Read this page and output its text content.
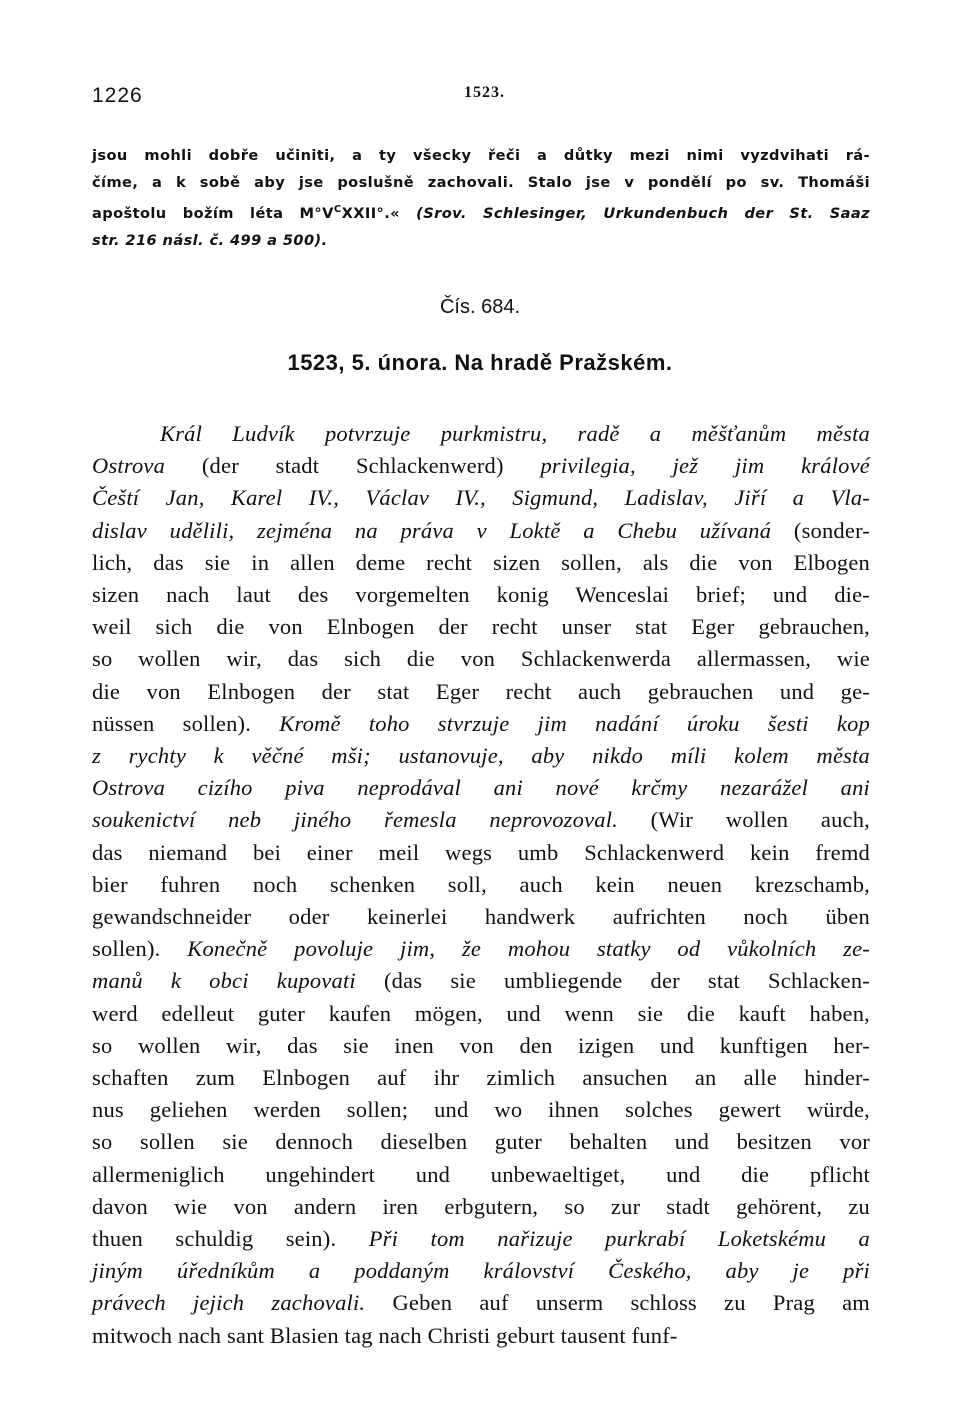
1226	1523.
jsou mohli dobře učiniti, a ty všecky řeči a důtky mezi nimi vyzdvihati rá-
číme, a k sobě aby jse poslušně zachovali. Stalo jse v pondělí po sv. Thomáši
apoštolu božím léta $M^\circ V^CXXII^\circ.«$ (Srov. Schlesinger, Urkundenbuch der St. Saaz
str. 216 násl. č. 499 a 500).
Čís. 684.
1523, 5. února. Na hradě Pražském.
Král Ludvík potvrzuje purkmistru, radě a měšťanům města
Ostrova (der stadt Schlackenwerd) privilegia, jež jim králové
Čeští Jan, Karel IV., Václav IV., Sigmund, Ladislav, Jiří a Vla-
dislav udělili, zejména na práva v Loktě a Chebu užívaná (sonder-
lich, das sie in allen deme recht sizen sollen, als die von Elbogen
sizen nach laut des vorgemelten konig Wenceslai brief; und die-
weil sich die von Elnbogen der recht unser stat Eger gebrauchen,
so wollen wir, das sich die von Schlackenwerda allermassen, wie
die von Elnbogen der stat Eger recht auch gebrauchen und ge-
nüssen sollen). Kromě toho stvrzuje jim nadání úroku šesti kop
z rychty k věčné mši; ustanovuje, aby nikdo míli kolem města
Ostrova cizího piva neprodával ani nové krčmy nezarážel ani
soukenictví neb jiného řemesla neprovozoval. (Wir wollen auch,
das niemand bei einer meil wegs umb Schlackenwerd kein fremd
bier fuhren noch schenken soll, auch kein neuen krezschamb,
gewandschneider oder keinerlei handwerk aufrichten noch üben
sollen). Konečně povoluje jim, že mohou statky od vůkolních ze-
manů k obci kupovati (das sie umbliegende der stat Schlacken-
werd edelleut guter kaufen mögen, und wenn sie die kauft haben,
so wollen wir, das sie inen von den izigen und kunftigen her-
schaften zum Elnbogen auf ihr zimlich ansuchen an alle hinder-
nus geliehen werden sollen; und wo ihnen solches gewert würde,
so sollen sie dennoch dieselben guter behalten und besitzen vor
allermeniglich ungehindert und unbewaeltiget, und die pflicht
davon wie von andern iren erbgutern, so zur stadt gehörent, zu
thuen schuldig sein). Při tom nařizuje purkrabí Loketskému a
jiným úředníkům a poddaným království Českého, aby je při
právech jejich zachovali. Geben auf unserm schloss zu Prag am
mitwoch nach sant Blasien tag nach Christi geburt tausent funf-
